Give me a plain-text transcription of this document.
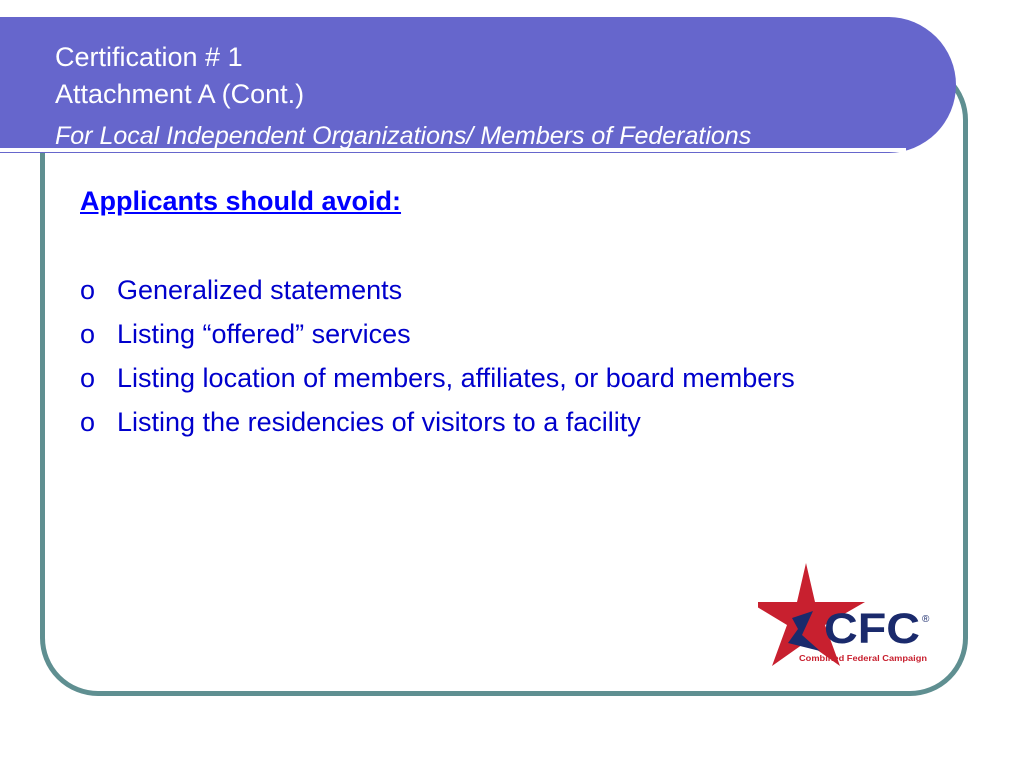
Certification # 1
Attachment A (Cont.)
For Local Independent Organizations/ Members of Federations
Applicants should avoid:
o Generalized statements
o Listing “offered” services
o Listing location of members, affiliates, or board members
o Listing the residencies of visitors to a facility
CFC ®
Combined Federal Campaign
